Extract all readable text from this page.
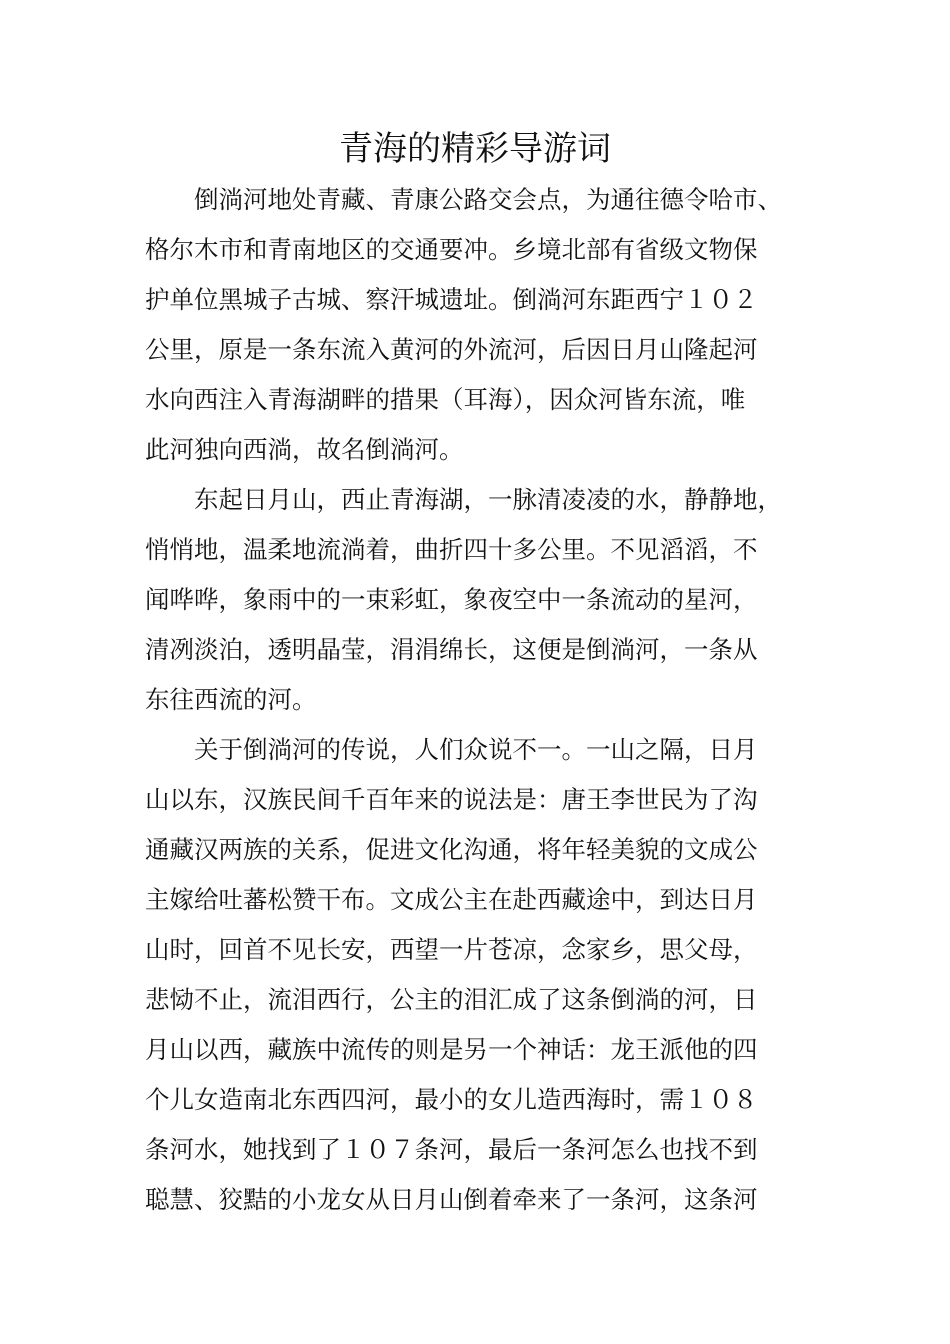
青海的精彩导游词
倒淌河地处青藏、青康公路交会点，为通往德令哈市、
格尔木市和青南地区的交通要冲。乡境北部有省级文物保
护单位黑城子古城、察汗城遗址。倒淌河东距西宁１０２
公里，原是一条东流入黄河的外流河，后因日月山隆起河
水向西注入青海湖畔的措果（耳海），因众河皆东流，唯
此河独向西淌，故名倒淌河。
东起日月山，西止青海湖，一脉清凌凌的水，静静地，
悄悄地，温柔地流淌着，曲折四十多公里。不见滔滔，不
闻哗哗，象雨中的一束彩虹，象夜空中一条流动的星河，
清冽淡泊，透明晶莹，涓涓绵长，这便是倒淌河，一条从
东往西流的河。
关于倒淌河的传说，人们众说不一。一山之隔，日月
山以东，汉族民间千百年来的说法是：唐王李世民为了沟
通藏汉两族的关系，促进文化沟通，将年轻美貌的文成公
主嫁给吐蕃松赞干布。文成公主在赴西藏途中，到达日月
山时，回首不见长安，西望一片苍凉，念家乡，思父母，
悲恸不止，流泪西行，公主的泪汇成了这条倒淌的河，日
月山以西，藏族中流传的则是另一个神话：龙王派他的四
个儿女造南北东西四河，最小的女儿造西海时，需１０８
条河水，她找到了１０７条河，最后一条河怎么也找不到
聪慧、狡黠的小龙女从日月山倒着牵来了一条河，这条河
